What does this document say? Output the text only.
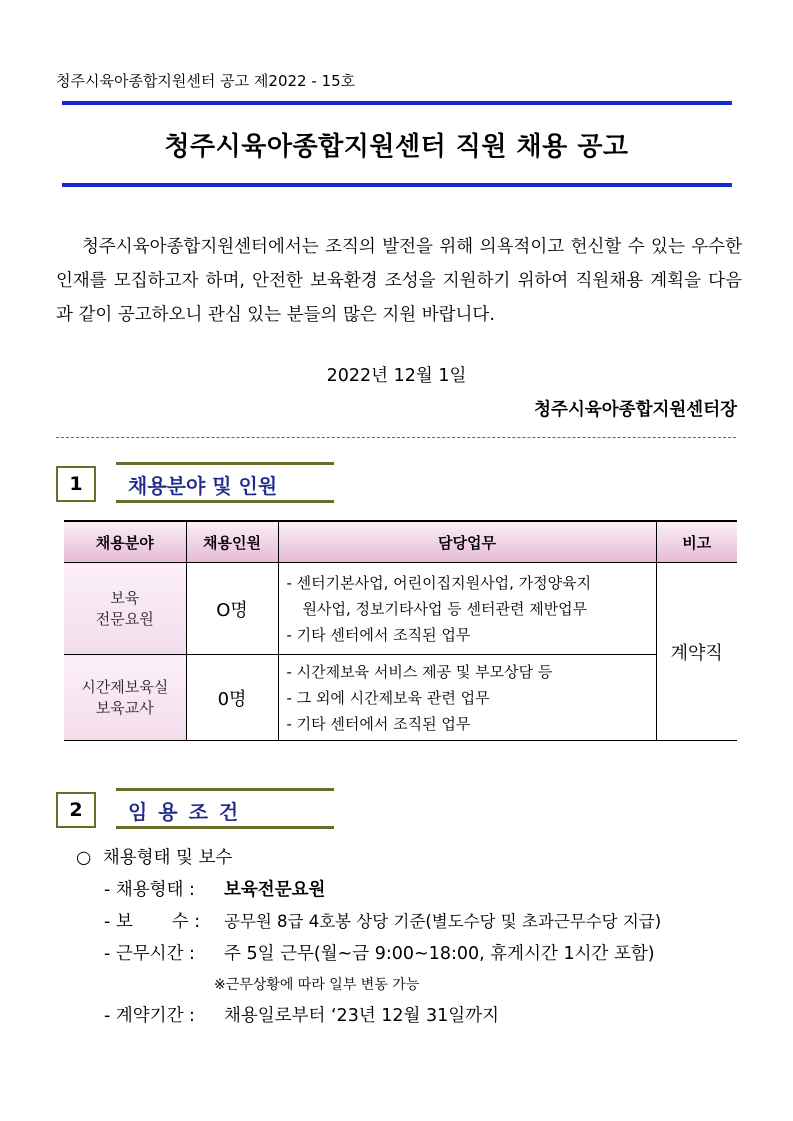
청주시육아종합지원센터 공고 제2022 - 15호
청주시육아종합지원센터 직원 채용 공고
청주시육아종합지원센터에서는 조직의 발전을 위해 의욕적이고 헌신할 수 있는 우수한 인재를 모집하고자 하며, 안전한 보육환경 조성을 지원하기 위하여 직원채용 계획을 다음과 같이 공고하오니 관심 있는 분들의 많은 지원 바랍니다.
2022년 12월 1일
청주시육아종합지원센터장
1	채용분야 및 인원
채용분야	채용인원	담당업무	비고

보육
전문요원	O명	- 센터기본사업, 어린이집지원사업, 가정양육지
원사업, 정보기타사업 등 센터관련 제반업무
- 기타 센터에서 조직된 업무	계약직

시간제보육실
보육교사	0명	- 시간제보육 서비스 제공 및 부모상담 등
- 그 외에 시간제보육 관련 업무
- 기타 센터에서 조직된 업무	
2	임 용 조 건
○ 채용형태 및 보수
- 채용형태 : 보육전문요원
- 보       수 : 공무원 8급 4호봉 상당 기준(별도수당 및 초과근무수당 지급)
- 근무시간 : 주 5일 근무(월~금 9:00~18:00, 휴게시간 1시간 포함)
※근무상황에 따라 일부 변동 가능
- 계약기간 : 채용일로부터 ‘23년 12월 31일까지
